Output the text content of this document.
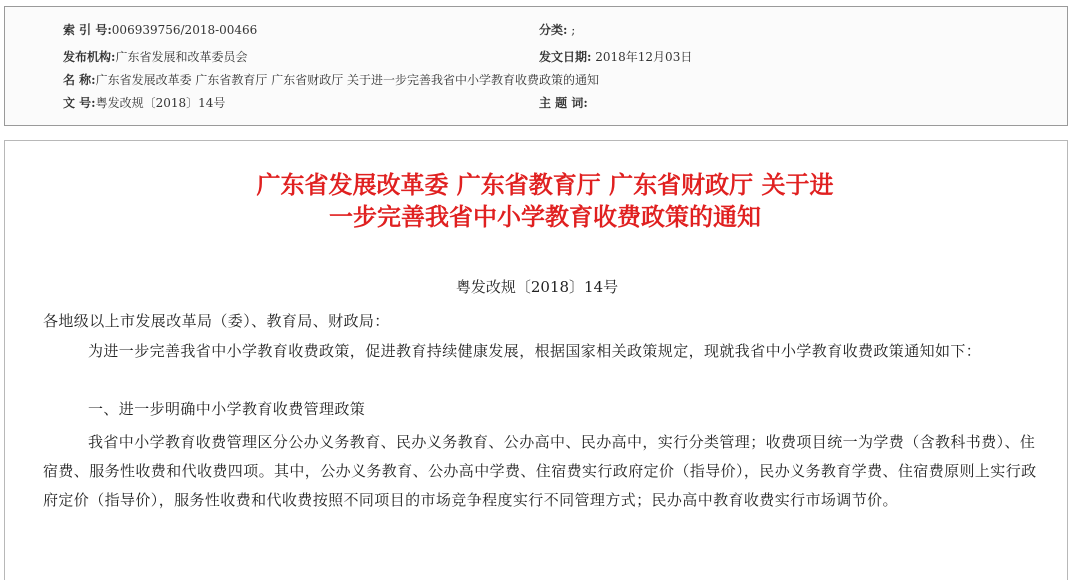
索 引 号:006939756/2018-00466	分类: ;
发布机构:广东省发展和改革委员会	发文日期: 2018年12月03日
名 称:广东省发展改革委 广东省教育厅 广东省财政厅 关于进一步完善我省中小学教育收费政策的通知
文 号:粤发改规〔2018〕14号	主 题 词:
广东省发展改革委 广东省教育厅 广东省财政厅 关于进一步完善我省中小学教育收费政策的通知
粤发改规〔2018〕14号
各地级以上市发展改革局（委）、教育局、财政局：
为进一步完善我省中小学教育收费政策，促进教育持续健康发展，根据国家相关政策规定，现就我省中小学教育收费政策通知如下：
一、进一步明确中小学教育收费管理政策
我省中小学教育收费管理区分公办义务教育、民办义务教育、公办高中、民办高中，实行分类管理；收费项目统一为学费（含教科书费）、住宿费、服务性收费和代收费四项。其中，公办义务教育、公办高中学费、住宿费实行政府定价（指导价），民办义务教育学费、住宿费原则上实行政府定价（指导价），服务性收费和代收费按照不同项目的市场竞争程度实行不同管理方式；民办高中教育收费实行市场调节价。
